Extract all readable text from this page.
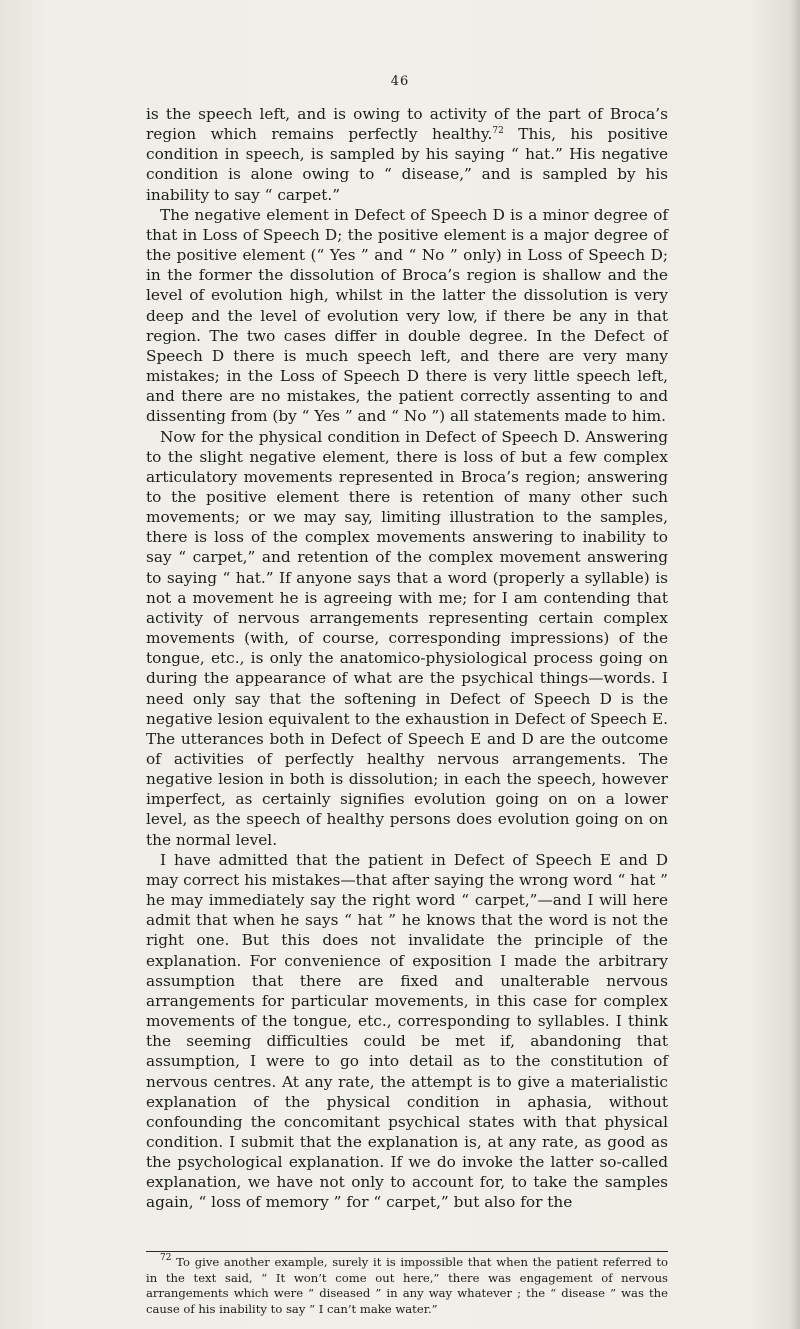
46

is the speech left, and is owing to activity of the part of Broca’s region which remains perfectly healthy.$^{72}$ This, his positive condition in speech, is sampled by his saying “ hat.” His negative condition is alone owing to “ disease,” and is sampled by his inability to say “ carpet.”

The negative element in Defect of Speech D is a minor degree of that in Loss of Speech D; the positive element is a major degree of the positive element (“ Yes ” and “ No ” only) in Loss of Speech D; in the former the dissolution of Broca’s region is shallow and the level of evolution high, whilst in the latter the dissolution is very deep and the level of evolution very low, if there be any in that region. The two cases differ in double degree. In the Defect of Speech D there is much speech left, and there are very many mistakes; in the Loss of Speech D there is very little speech left, and there are no mistakes, the patient correctly assenting to and dissenting from (by “ Yes ” and “ No ”) all statements made to him.

Now for the physical condition in Defect of Speech D. Answering to the slight negative element, there is loss of but a few complex articulatory movements represented in Broca’s region; answering to the positive element there is retention of many other such movements; or we may say, limiting illustration to the samples, there is loss of the complex movements answering to inability to say “ carpet,” and retention of the complex movement answering to saying “ hat.” If anyone says that a word (properly a syllable) is not a movement he is agreeing with me; for I am contending that activity of nervous arrangements representing certain complex movements (with, of course, corresponding impressions) of the tongue, etc., is only the anatomico-physiological process going on during the appearance of what are the psychical things—words. I need only say that the softening in Defect of Speech D is the negative lesion equivalent to the exhaustion in Defect of Speech E. The utterances both in Defect of Speech E and D are the outcome of activities of perfectly healthy nervous arrangements. The negative lesion in both is dissolution; in each the speech, however imperfect, as certainly signifies evolution going on on a lower level, as the speech of healthy persons does evolution going on on the normal level.

I have admitted that the patient in Defect of Speech E and D may correct his mistakes—that after saying the wrong word “ hat ” he may immediately say the right word “ carpet,”—and I will here admit that when he says “ hat ” he knows that the word is not the right one. But this does not invalidate the principle of the explanation. For convenience of exposition I made the arbitrary assumption that there are fixed and unalterable nervous arrangements for particular movements, in this case for complex movements of the tongue, etc., corresponding to syllables. I think the seeming difficulties could be met if, abandoning that assumption, I were to go into detail as to the constitution of nervous centres. At any rate, the attempt is to give a materialistic explanation of the physical condition in aphasia, without confounding the concomitant psychical states with that physical condition. I submit that the explanation is, at any rate, as good as the psychological explanation. If we do invoke the latter so-called explanation, we have not only to account for, to take the samples again, “ loss of memory ” for “ carpet,” but also for the

$^{72}$ To give another example, surely it is impossible that when the patient referred to in the text said, “ It won’t come out here,” there was engagement of nervous arrangements which were “ diseased ” in any way whatever ; the “ disease ” was the cause of his inability to say “ I can’t make water.”
